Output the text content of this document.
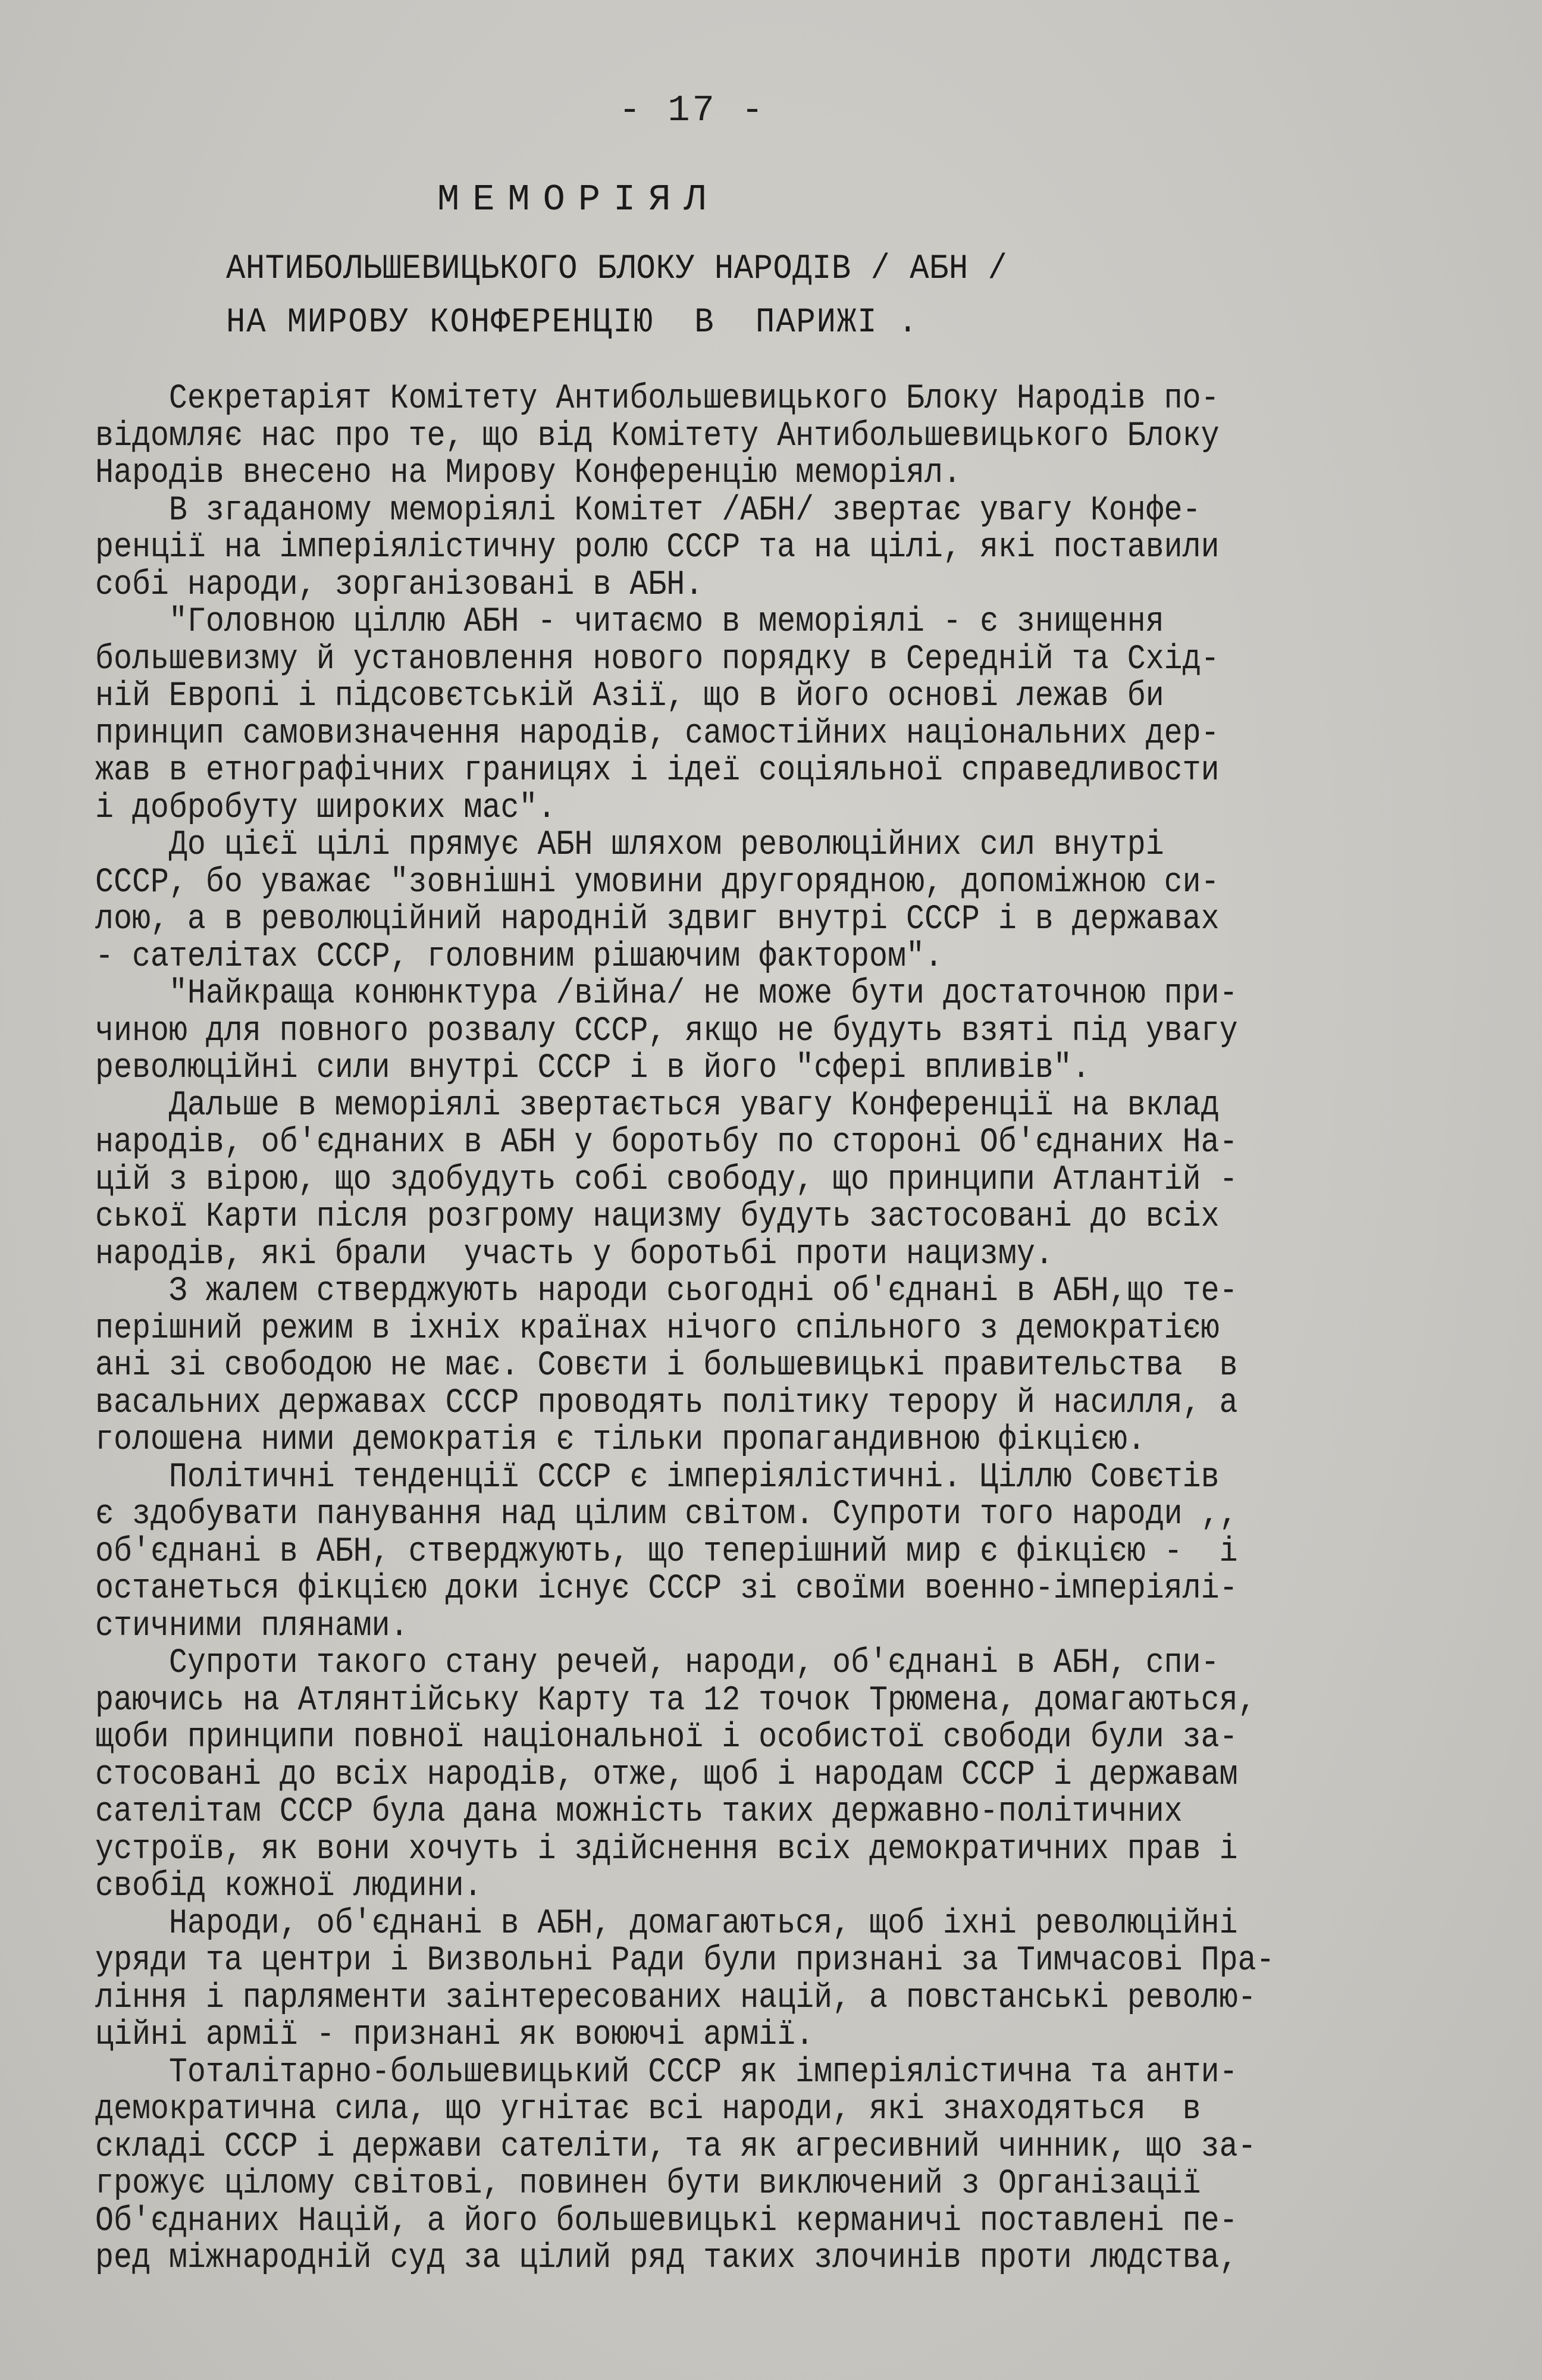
- 17 -
МЕМОРІЯЛ
АНТИБОЛЬШЕВИЦЬКОГО БЛОКУ НАРОДІВ / АБН /
НА МИРОВУ КОНФЕРЕНЦІЮ  В  ПАРИЖІ .
Секретаріят Комітету Антибольшевицького Блоку Народів по-
відомляє нас про те, що від Комітету Антибольшевицького Блоку
Народів внесено на Мирову Конференцію меморіял.
В згаданому меморіялі Комітет /АБН/ звертає увагу Конфе-
ренції на імперіялістичну ролю СССР та на цілі, які поставили
собі народи, зорганізовані в АБН.
"Головною ціллю АБН - читаємо в меморіялі - є знищення
большевизму й установлення нового порядку в Середній та Схід-
ній Европі і підсовєтській Азії, що в його основі лежав би
принцип самовизначення народів, самостійних національних дер-
жав в етнографічних границях і ідеї соціяльної справедливости
і добробуту широких мас".
До цієї цілі прямує АБН шляхом революційних сил внутрі
СССР, бо уважає "зовнішні умовини другорядною, допоміжною си-
лою, а в революційний народній здвиг внутрі СССР і в державах
- сателітах СССР, головним рішаючим фактором".
"Найкраща конюнктура /війна/ не може бути достаточною при-
чиною для повного розвалу СССР, якщо не будуть взяті під увагу
революційні сили внутрі СССР і в його "сфері впливів".
Дальше в меморіялі звертається увагу Конференції на вклад
народів, об'єднаних в АБН у боротьбу по стороні Об'єднаних На-
цій з вірою, що здобудуть собі свободу, що принципи Атлантій -
ської Карти після розгрому нацизму будуть застосовані до всіх
народів, які брали  участь у боротьбі проти нацизму.
З жалем стверджують народи сьогодні об'єднані в АБН,що те-
перішний режим в іхніх країнах нічого спільного з демократією
ані зі свободою не має. Совєти і большевицькі правительства  в
васальних державах СССР проводять політику терору й насилля, а
голошена ними демократія є тільки пропагандивною фікцією.
Політичні тенденції СССР є імперіялістичні. Ціллю Совєтів
є здобувати панування над цілим світом. Супроти того народи ,,
об'єднані в АБН, стверджують, що теперішний мир є фікцією -  і
останеться фікцією доки існує СССР зі своїми военно-імперіялі-
стичними плянами.
Супроти такого стану речей, народи, об'єднані в АБН, спи-
раючись на Атлянтійську Карту та 12 точок Трюмена, домагаються,
щоби принципи повної національної і особистої свободи були за-
стосовані до всіх народів, отже, щоб і народам СССР і державам
сателітам СССР була дана можність таких державно-політичних
устроїв, як вони хочуть і здійснення всіх демократичних прав і
свобід кожної людини.
Народи, об'єднані в АБН, домагаються, щоб іхні революційні
уряди та центри і Визвольні Ради були признані за Тимчасові Пра-
ління і парляменти заінтересованих націй, а повстанські револю-
ційні армії - признані як воюючі армії.
Тоталітарно-большевицький СССР як імперіялістична та анти-
демократична сила, що угнітає всі народи, які знаходяться  в
складі СССР і держави сателіти, та як агресивний чинник, що за-
грожує цілому світові, повинен бути виключений з Організації
Об'єднаних Націй, а його большевицькі керманичі поставлені пе-
ред міжнародній суд за цілий ряд таких злочинів проти людства,
